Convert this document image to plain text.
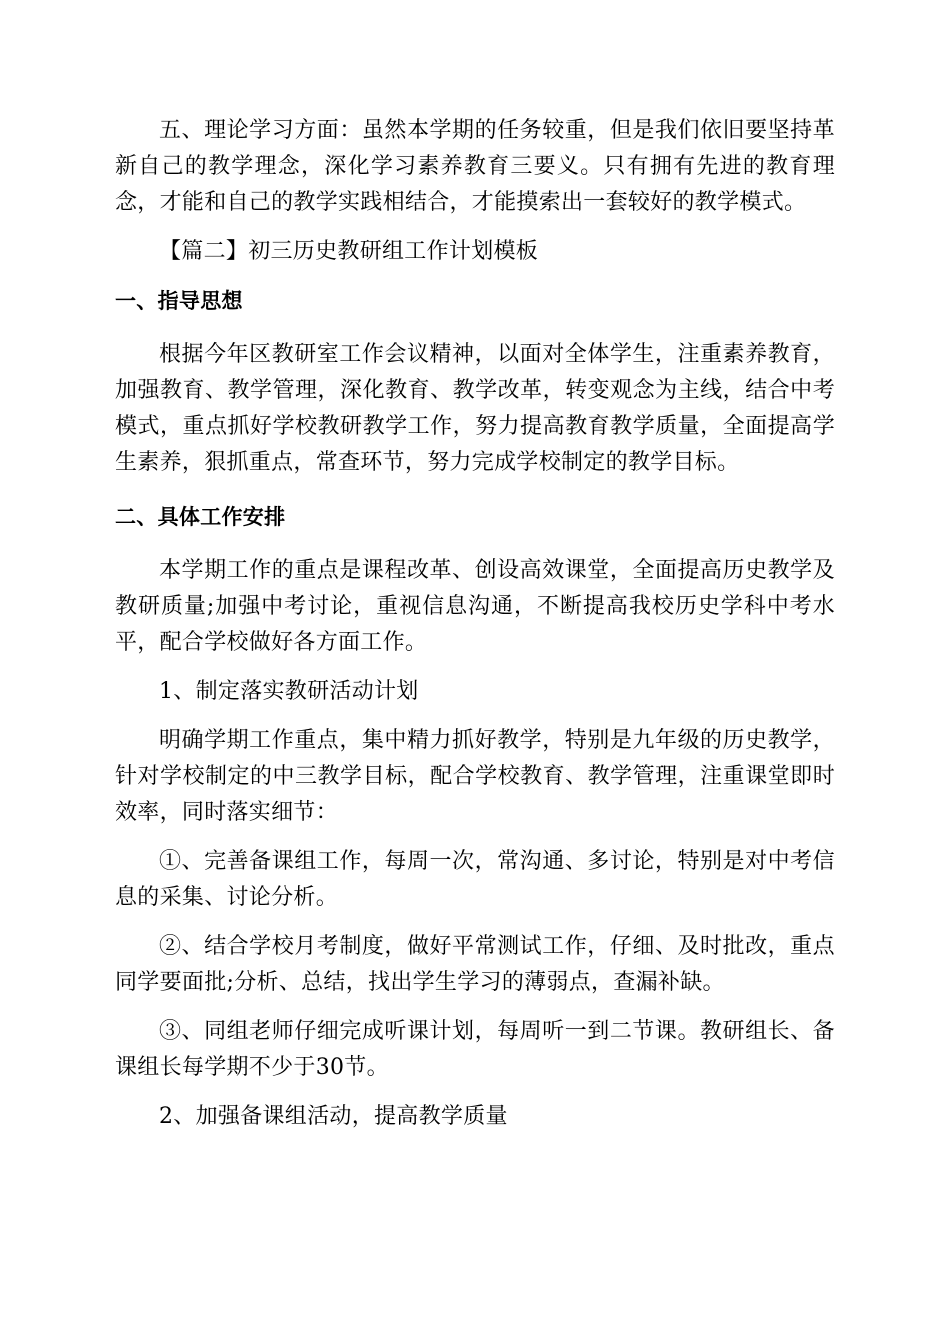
五、理论学习方面：虽然本学期的任务较重，但是我们依旧要坚持革新自己的教学理念，深化学习素养教育三要义。只有拥有先进的教育理念，才能和自己的教学实践相结合，才能摸索出一套较好的教学模式。

【篇二】初三历史教研组工作计划模板

一、指导思想

根据今年区教研室工作会议精神，以面对全体学生，注重素养教育，加强教育、教学管理，深化教育、教学改革，转变观念为主线，结合中考模式，重点抓好学校教研教学工作，努力提高教育教学质量，全面提高学生素养，狠抓重点，常查环节，努力完成学校制定的教学目标。

二、具体工作安排

本学期工作的重点是课程改革、创设高效课堂，全面提高历史教学及教研质量;加强中考讨论，重视信息沟通，不断提高我校历史学科中考水平，配合学校做好各方面工作。

1、制定落实教研活动计划

明确学期工作重点，集中精力抓好教学，特别是九年级的历史教学，针对学校制定的中三教学目标，配合学校教育、教学管理，注重课堂即时效率，同时落实细节：

①、完善备课组工作，每周一次，常沟通、多讨论，特别是对中考信息的采集、讨论分析。

②、结合学校月考制度，做好平常测试工作，仔细、及时批改，重点同学要面批;分析、总结，找出学生学习的薄弱点，查漏补缺。

③、同组老师仔细完成听课计划，每周听一到二节课。教研组长、备课组长每学期不少于30节。

2、加强备课组活动，提高教学质量
